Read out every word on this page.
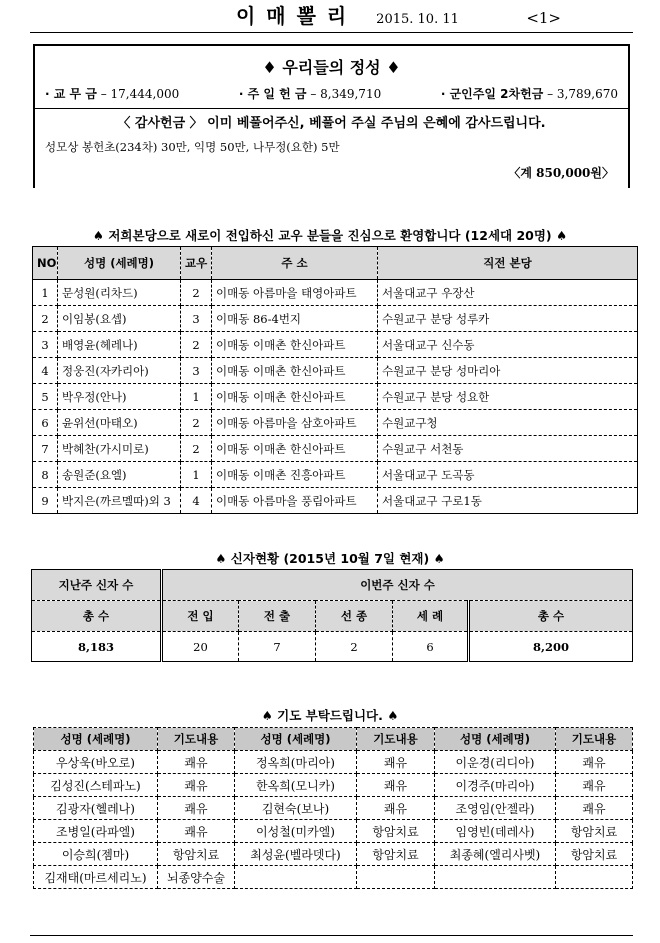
이 매 뽈 리 2015. 10. 11	<1>
♦ 우리들의 정성 ♦
· 교 무 금 – 17,444,000	· 주 일 헌 금 – 8,349,710	· 군인주일 2차헌금 – 3,789,670
〈 감사헌금 〉 이미 베풀어주신, 베풀어 주실 주님의 은혜에 감사드립니다.
성모상 봉헌초(234차) 30만, 익명 50만, 나무정(요한) 5만
〈계 850,000원〉
♠ 저희본당으로 새로이 전입하신 교우 분들을 진심으로 환영합니다 (12세대 20명) ♠
NO	성명 (세례명)	교우	주 소	직전 본당
1	문성원(리차드)	2	이매동 아름마을 태영아파트	서울대교구 우장산
2	이임봉(요셉)	3	이매동 86-4번지	수원교구 분당 성루카
3	배영윤(헤레나)	2	이매동 이매촌 한신아파트	서울대교구 신수동
4	정웅진(자카리아)	3	이매동 이매촌 한신아파트	수원교구 분당 성마리아
5	박우정(안나)	1	이매동 이매촌 한신아파트	수원교구 분당 성요한
6	윤위선(마태오)	2	이매동 아름마을 삼호아파트	수원교구청
7	박혜찬(가시미로)	2	이매동 이매촌 한신아파트	수원교구 서천동
8	송원준(요엘)	1	이매동 이매촌 진흥아파트	서울대교구 도곡동
9	박지은(까르멜따)외 3	4	이매동 아름마을 풍림아파트	서울대교구 구로1동
♠ 신자현황 (2015년 10월 7일 현재) ♠
지난주 신자 수	이번주 신자 수				
총 수	전 입	전 출	선 종	세 례	총 수
8,183	20	7	2	6	8,200
♠ 기도 부탁드립니다. ♠
성명 (세례명)	기도내용	성명 (세례명)	기도내용	성명 (세례명)	기도내용
우상욱(바오로)	쾌유	정옥희(마리아)	쾌유	이운경(리디아)	쾌유
김성진(스테파노)	쾌유	한옥희(모니카)	쾌유	이경주(마리아)	쾌유
김광자(헬레나)	쾌유	김현숙(보나)	쾌유	조영임(안젤라)	쾌유
조병일(라파엘)	쾌유	이성철(미카엘)	항암치료	임영빈(데레사)	항암치료
이승희(젬마)	항암치료	최성윤(벨라뎃다)	항암치료	최종혜(엘리사벳)	항암치료
김재태(마르세리노)	뇌종양수술				
